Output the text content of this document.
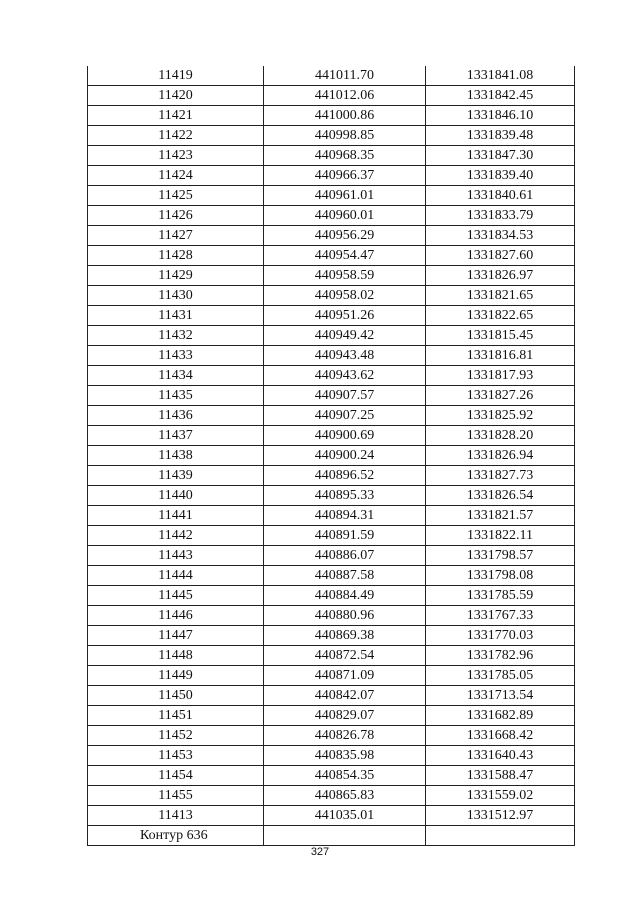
11419	441011.70	1331841.08
11420	441012.06	1331842.45
11421	441000.86	1331846.10
11422	440998.85	1331839.48
11423	440968.35	1331847.30
11424	440966.37	1331839.40
11425	440961.01	1331840.61
11426	440960.01	1331833.79
11427	440956.29	1331834.53
11428	440954.47	1331827.60
11429	440958.59	1331826.97
11430	440958.02	1331821.65
11431	440951.26	1331822.65
11432	440949.42	1331815.45
11433	440943.48	1331816.81
11434	440943.62	1331817.93
11435	440907.57	1331827.26
11436	440907.25	1331825.92
11437	440900.69	1331828.20
11438	440900.24	1331826.94
11439	440896.52	1331827.73
11440	440895.33	1331826.54
11441	440894.31	1331821.57
11442	440891.59	1331822.11
11443	440886.07	1331798.57
11444	440887.58	1331798.08
11445	440884.49	1331785.59
11446	440880.96	1331767.33
11447	440869.38	1331770.03
11448	440872.54	1331782.96
11449	440871.09	1331785.05
11450	440842.07	1331713.54
11451	440829.07	1331682.89
11452	440826.78	1331668.42
11453	440835.98	1331640.43
11454	440854.35	1331588.47
11455	440865.83	1331559.02
11413	441035.01	1331512.97
Контур 636		
327
